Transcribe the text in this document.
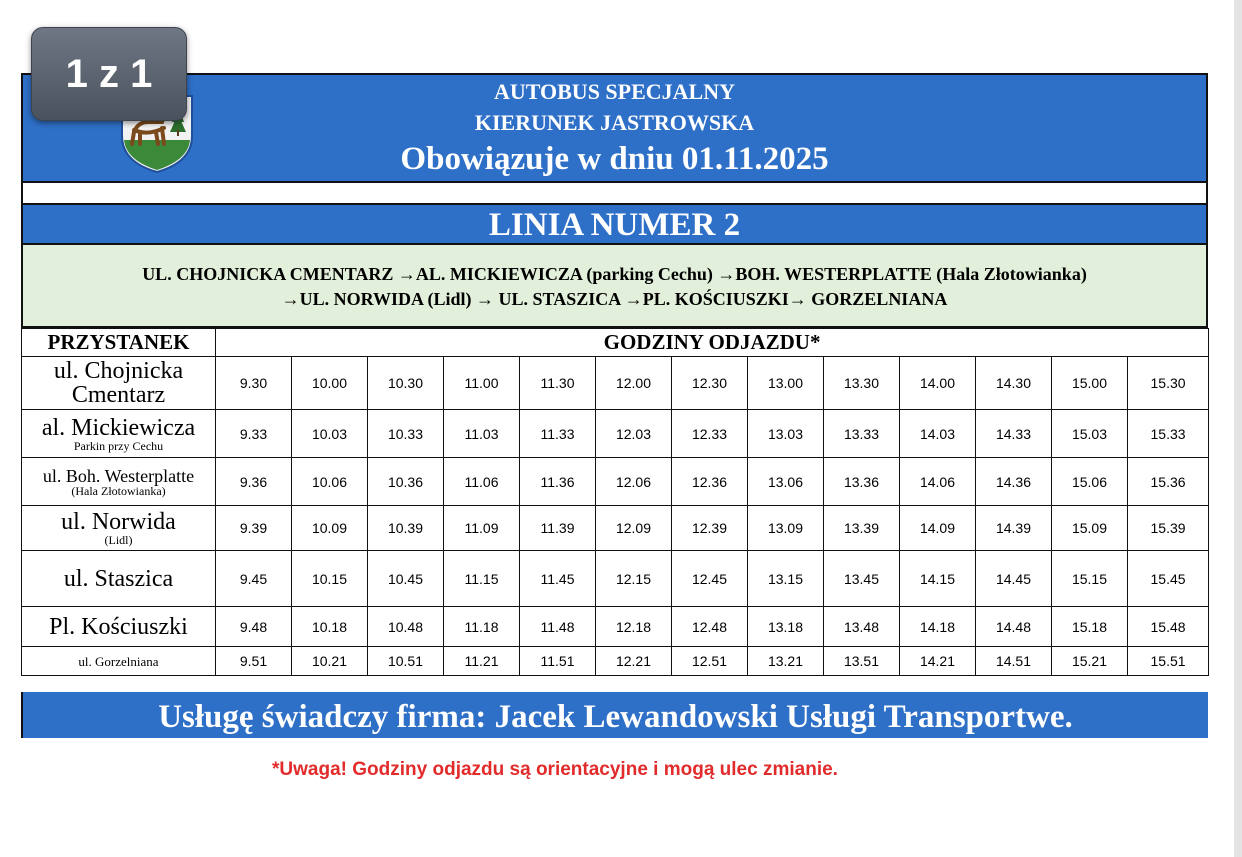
1 z 1	AUTOBUS SPECJALNY
KIERUNEK JASTROWSKA
Obowiązuje w dniu 01.11.2025
LINIA NUMER 2
UL. CHOJNICKA CMENTARZ →AL. MICKIEWICZA (parking Cechu) →BOH. WESTERPLATTE (Hala Złotowianka)
→UL. NORWIDA (Lidl) → UL. STASZICA →PL. KOŚCIUSZKI→ GORZELNIANA
PRZYSTANEK	GODZINY ODJAZDU*												

ul. Chojnicka Cmentarz	9.30	10.00	10.30	11.00	11.30	12.00	12.30	13.00	13.30	14.00	14.30	15.00	15.30

al. Mickiewicza
Parkin przy Cechu	9.33	10.03	10.33	11.03	11.33	12.03	12.33	13.03	13.33	14.03	14.33	15.03	15.33

ul. Boh. Westerplatte
(Hala Złotowianka)	9.36	10.06	10.36	11.06	11.36	12.06	12.36	13.06	13.36	14.06	14.36	15.06	15.36

ul. Norwida
(Lidl)	9.39	10.09	10.39	11.09	11.39	12.09	12.39	13.09	13.39	14.09	14.39	15.09	15.39

ul. Staszica	9.45	10.15	10.45	11.15	11.45	12.15	12.45	13.15	13.45	14.15	14.45	15.15	15.45

Pl. Kościuszki	9.48	10.18	10.48	11.18	11.48	12.18	12.48	13.18	13.48	14.18	14.48	15.18	15.48

ul. Gorzelniana	9.51	10.21	10.51	11.21	11.51	12.21	12.51	13.21	13.51	14.21	14.51	15.21	15.51
Usługę świadczy firma: Jacek Lewandowski Usługi Transportwe.
*Uwaga! Godziny odjazdu są orientacyjne i mogą ulec zmianie.
